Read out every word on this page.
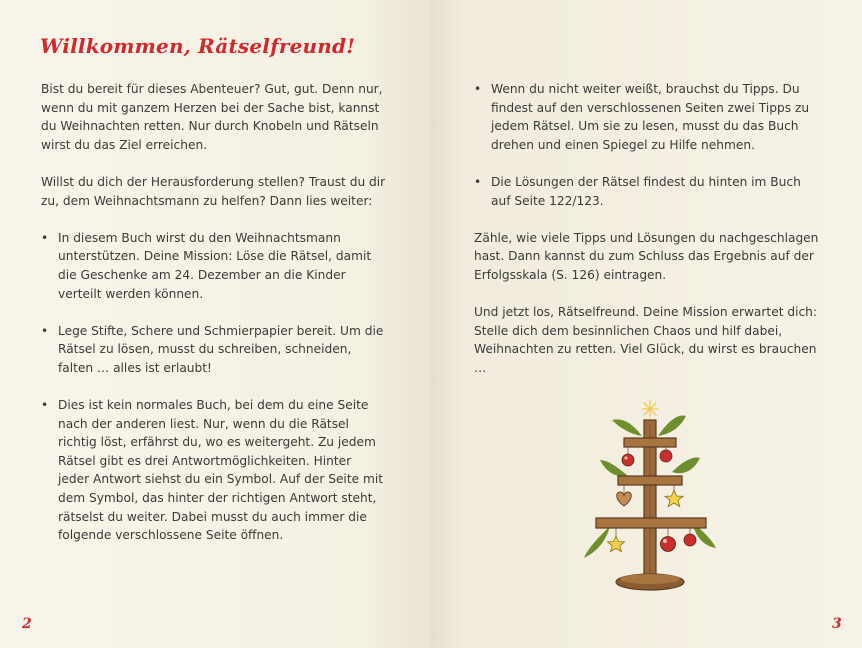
Willkommen, Rätselfreund!

Bist du bereit für dieses Abenteuer? Gut, gut. Denn nur, wenn du mit ganzem Herzen bei der Sache bist, kannst du Weihnachten retten. Nur durch Knobeln und Rätseln wirst du das Ziel erreichen.

Willst du dich der Herausforderung stellen? Traust du dir zu, dem Weihnachtsmann zu helfen? Dann lies weiter:

• In diesem Buch wirst du den Weihnachtsmann unterstützen. Deine Mission: Löse die Rätsel, damit die Geschenke am 24. Dezember an die Kinder verteilt werden können.
• Lege Stifte, Schere und Schmierpapier bereit. Um die Rätsel zu lösen, musst du schreiben, schneiden, falten … alles ist erlaubt!
• Dies ist kein normales Buch, bei dem du eine Seite nach der anderen liest. Nur, wenn du die Rätsel richtig löst, erfährst du, wo es weitergeht. Zu jedem Rätsel gibt es drei Antwortmöglichkeiten. Hinter jeder Antwort siehst du ein Symbol. Auf der Seite mit dem Symbol, das hinter der richtigen Antwort steht, rätselst du weiter. Dabei musst du auch immer die folgende verschlossene Seite öffnen.
2	3
• Wenn du nicht weiter weißt, brauchst du Tipps. Du findest auf den verschlossenen Seiten zwei Tipps zu jedem Rätsel. Um sie zu lesen, musst du das Buch drehen und einen Spiegel zu Hilfe nehmen.
• Die Lösungen der Rätsel findest du hinten im Buch auf Seite 122/123.

Zähle, wie viele Tipps und Lösungen du nachgeschlagen hast. Dann kannst du zum Schluss das Ergebnis auf der Erfolgsskala (S. 126) eintragen.

Und jetzt los, Rätselfreund. Deine Mission erwartet dich: Stelle dich dem besinnlichen Chaos und hilf dabei, Weihnachten zu retten. Viel Glück, du wirst es brauchen …
